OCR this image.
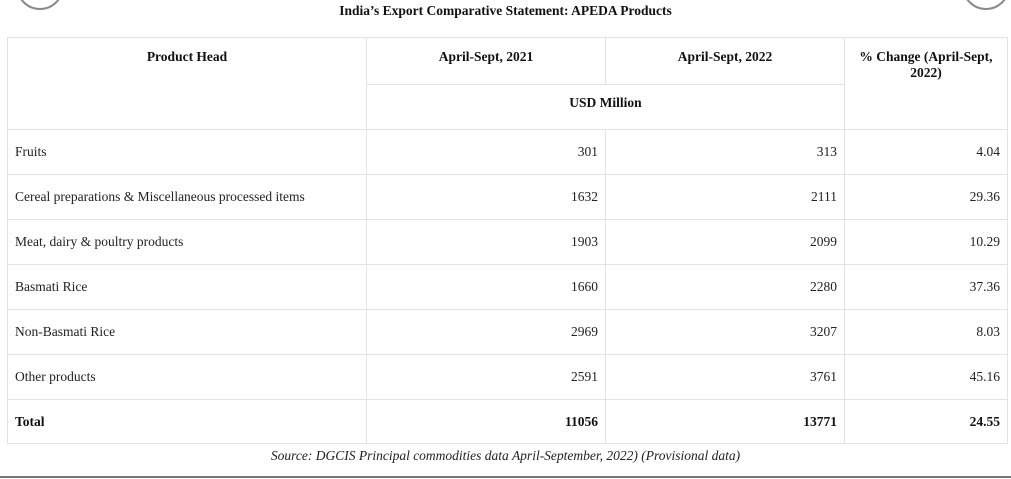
India’s Export Comparative Statement: APEDA Products
Product Head	April-Sept, 2021	April-Sept, 2022	% Change (April-Sept, 2022)
	USD Million		
Fruits	301	313	4.04
Cereal preparations & Miscellaneous processed items	1632	2111	29.36
Meat, dairy & poultry products	1903	2099	10.29
Basmati Rice	1660	2280	37.36
Non-Basmati Rice	2969	3207	8.03
Other products	2591	3761	45.16
Total	11056	13771	24.55
Source: DGCIS Principal commodities data April-September, 2022) (Provisional data)
